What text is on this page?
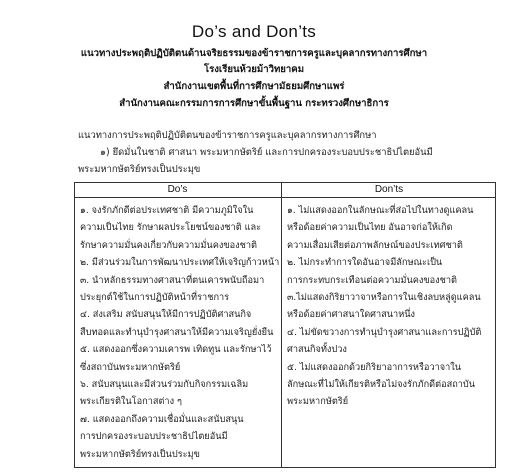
Do’s and Don’ts
แนวทางประพฤติปฏิบัติตนด้านจริยธรรมของข้าราชการครูและบุคลากรทางการศึกษา
โรงเรียนห้วยม้าวิทยาคม
สำนักงานเขตพื้นที่การศึกษามัธยมศึกษาแพร่
สำนักงานคณะกรรมการการศึกษาขั้นพื้นฐาน กระทรวงศึกษาธิการ
แนวทางการประพฤติปฏิบัติตนของข้าราชการครูและบุคลากรทางการศึกษา
๑) ยึดมั่นในชาติ ศาสนา พระมหากษัตริย์ และการปกครองระบอบประชาธิปไตยอันมี
พระมหากษัตริย์ทรงเป็นประมุข
Do’s	Don’ts
๑. จงรักภักดีต่อประเทศชาติ มีความภูมิใจใน
ความเป็นไทย รักษาผลประโยชน์ของชาติ และ
รักษาความมั่นคงเกี่ยวกับความมั่นคงของชาติ
๒. มีส่วนร่วมในการพัฒนาประเทศให้เจริญก้าวหน้า
๓. นำหลักธรรมทางศาสนาที่ตนเคารพนับถือมา
ประยุกต์ใช้ในการปฏิบัติหน้าที่ราชการ
๔. ส่งเสริม สนับสนุนให้มีการปฏิบัติศาสนกิจ
สืบทอดและทำนุบำรุงศาสนาให้มีความเจริญยั่งยืน
๕. แสดงออกซึ่งความเคารพ เทิดทูน และรักษาไว้
ซึ่งสถาบันพระมหากษัตริย์
๖. สนับสนุนและมีส่วนร่วมกับกิจกรรมเฉลิม
พระเกียรติในโอกาสต่าง ๆ
๗. แสดงออกถึงความเชื่อมั่นและสนับสนุน
การปกครองระบอบประชาธิปไตยอันมี
พระมหากษัตริย์ทรงเป็นประมุข
๑. ไม่แสดงออกในลักษณะที่ส่อไปในทางดูแคลน
หรือด้อยค่าความเป็นไทย อันอาจก่อให้เกิด
ความเสื่อมเสียต่อภาพลักษณ์ของประเทศชาติ
๒. ไม่กระทำการใดอันอาจมีลักษณะเป็น
การกระทบกระเทือนต่อความมั่นคงของชาติ
๓.ไม่แสดงกิริยาวาจาหรือการในเชิงลบหลู่ดูแคลน
หรือด้อยค่าศาสนาใดศาสนาหนึ่ง
๔. ไม่ขัดขวางการทำนุบำรุงศาสนาและการปฏิบัติ
ศาสนกิจทั้งปวง
๕. ไม่แสดงออกด้วยกิริยาอาการหรือวาจาใน
ลักษณะที่ไม่ให้เกียรติหรือไม่จงรักภักดีต่อสถาบัน
พระมหากษัตริย์
